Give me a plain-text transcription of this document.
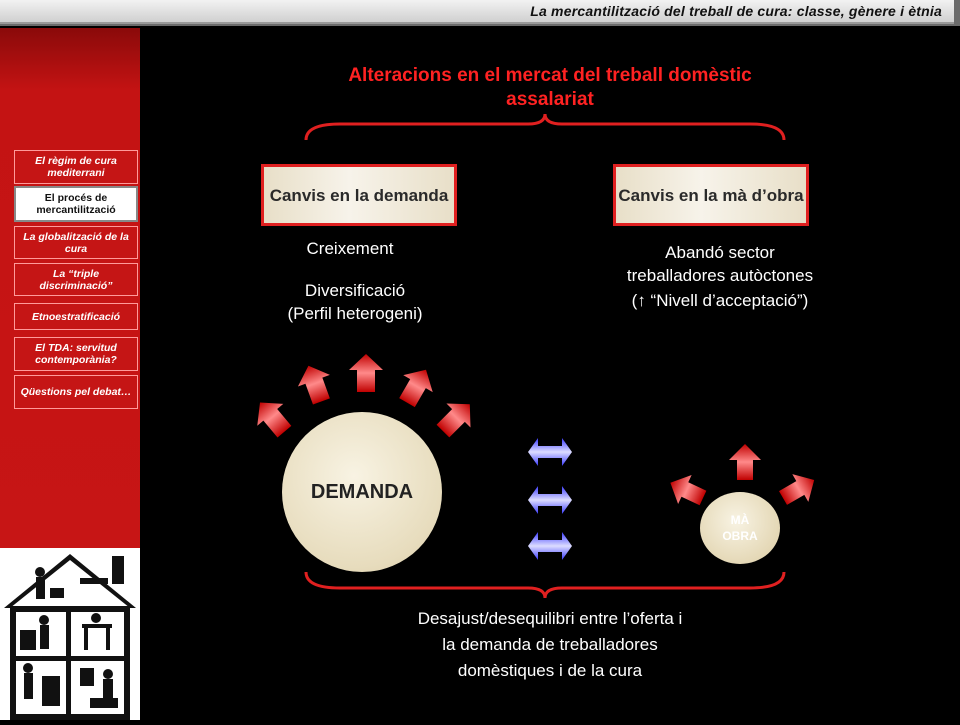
La mercantilització del treball de cura: classe, gènere i ètnia
El règim de cura mediterrani
El procés de mercantilització
La globalització de la cura
La “triple discriminació”
Etnoestratificació
El TDA: servitud contemporània?
Qüestions pel debat…
Alteracions en el mercat del treball domèstic assalariat
Canvis en la demanda	Canvis en la mà d’obra
Creixement
Diversificació
(Perfil heterogeni)
Abandó sector
treballadores autòctones
(↑ “Nivell d’acceptació”)
DEMANDA
MÀ
OBRA
Desajust/desequilibri entre l’oferta i
la demanda de treballadores
domèstiques i de la cura
